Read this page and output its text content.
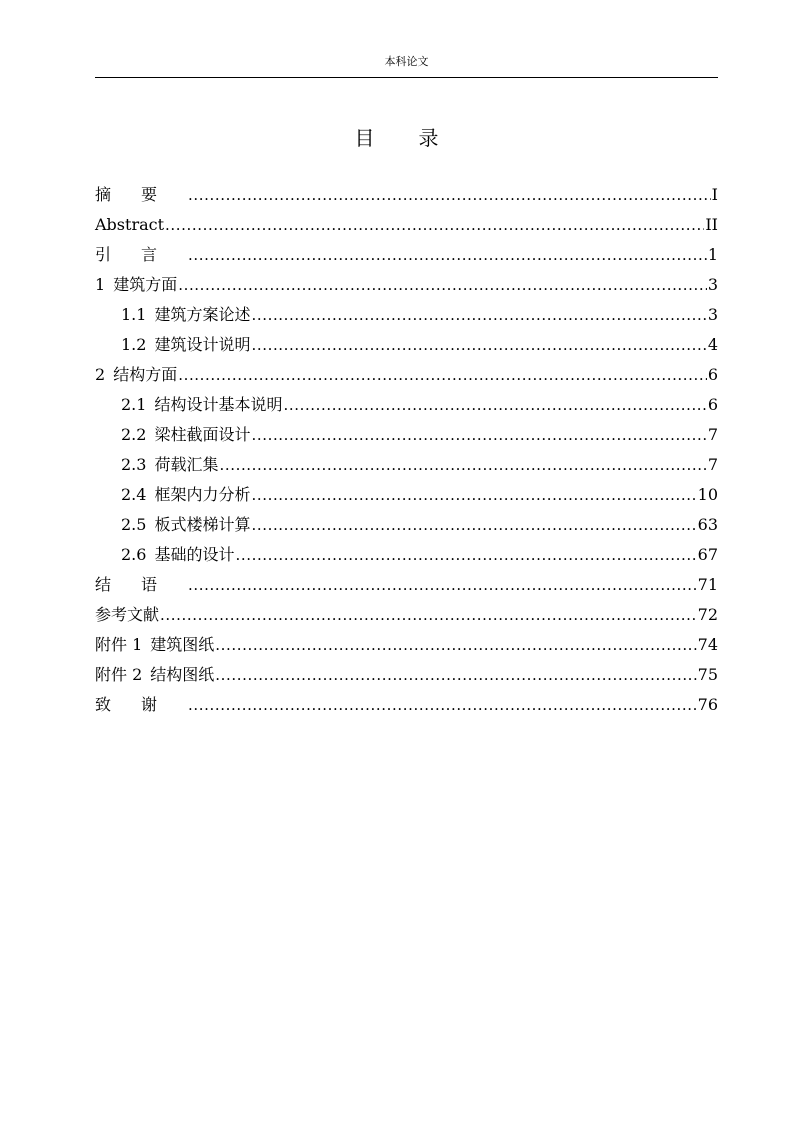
本科论文
目 录
摘要 .....	I
Abstract .....	II
引言 .....	1
1 建筑方面 .....	3
1.1 建筑方案论述 .....	3
1.2 建筑设计说明 .....	4
2 结构方面 .....	6
2.1 结构设计基本说明 .....	6
2.2 梁柱截面设计 .....	7
2.3 荷载汇集 .....	7
2.4 框架内力分析 .....	10
2.5 板式楼梯计算 .....	63
2.6 基础的设计 .....	67
结语 .....	71
参考文献 .....	72
附件 1 建筑图纸 .....	74
附件 2 结构图纸 .....	75
致谢 .....	76
